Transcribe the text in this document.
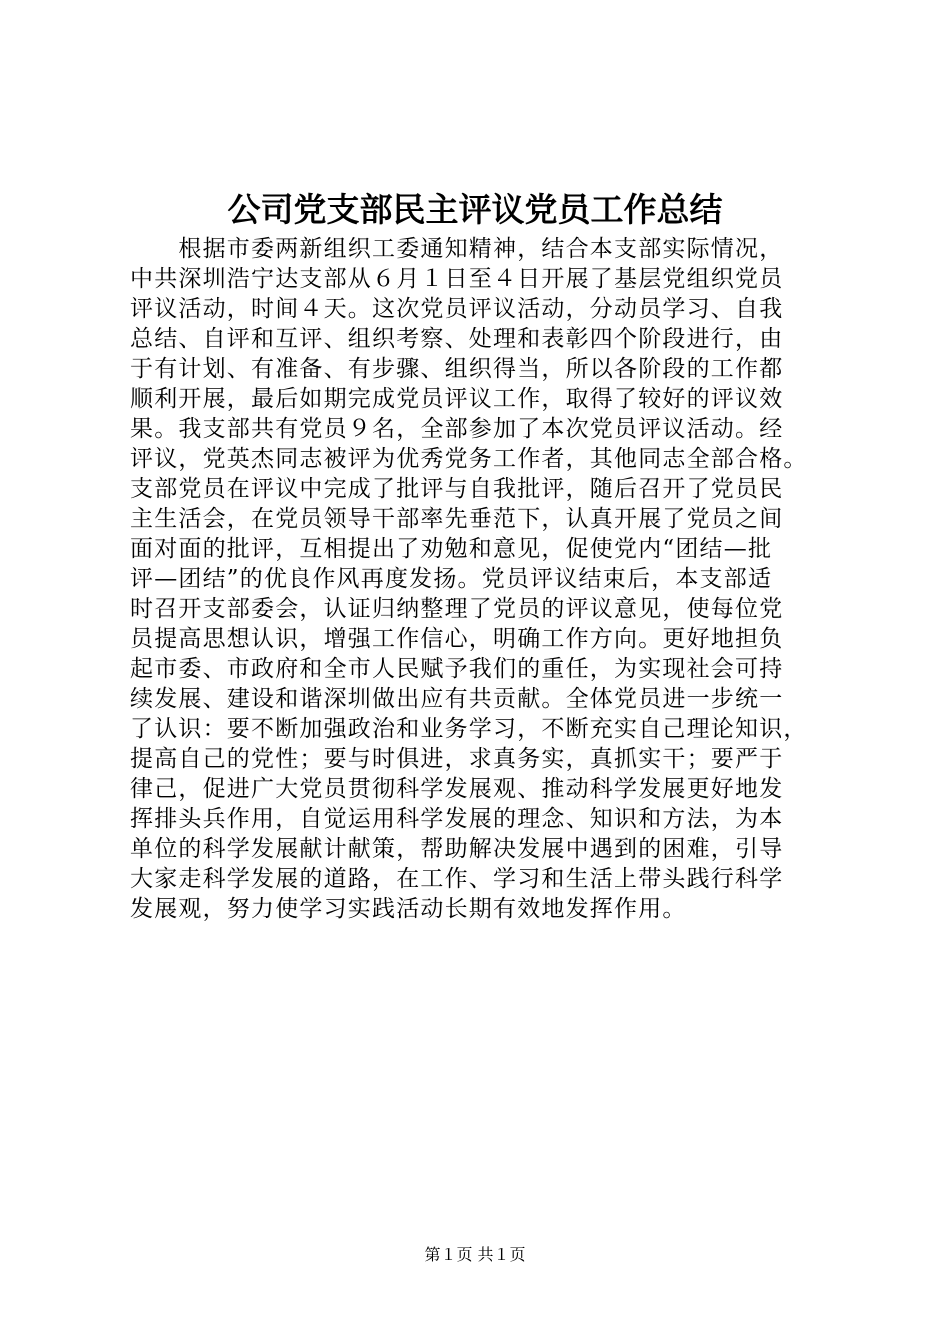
公司党支部民主评议党员工作总结
　　根据市委两新组织工委通知精神，结合本支部实际情况，
中共深圳浩宁达支部从６月１日至４日开展了基层党组织党员
评议活动，时间４天。这次党员评议活动，分动员学习、自我
总结、自评和互评、组织考察、处理和表彰四个阶段进行，由
于有计划、有准备、有步骤、组织得当，所以各阶段的工作都
顺利开展，最后如期完成党员评议工作，取得了较好的评议效
果。我支部共有党员９名，全部参加了本次党员评议活动。经
评议，党英杰同志被评为优秀党务工作者，其他同志全部合格。
支部党员在评议中完成了批评与自我批评，随后召开了党员民
主生活会，在党员领导干部率先垂范下，认真开展了党员之间
面对面的批评，互相提出了劝勉和意见，促使党内“团结—批
评—团结”的优良作风再度发扬。党员评议结束后，本支部适
时召开支部委会，认证归纳整理了党员的评议意见，使每位党
员提高思想认识，增强工作信心，明确工作方向。更好地担负
起市委、市政府和全市人民赋予我们的重任，为实现社会可持
续发展、建设和谐深圳做出应有共贡献。全体党员进一步统一
了认识：要不断加强政治和业务学习，不断充实自己理论知识，
提高自己的党性；要与时俱进，求真务实，真抓实干；要严于
律己，促进广大党员贯彻科学发展观、推动科学发展更好地发
挥排头兵作用，自觉运用科学发展的理念、知识和方法，为本
单位的科学发展献计献策，帮助解决发展中遇到的困难，引导
大家走科学发展的道路，在工作、学习和生活上带头践行科学
发展观，努力使学习实践活动长期有效地发挥作用。
第１页 共１页
